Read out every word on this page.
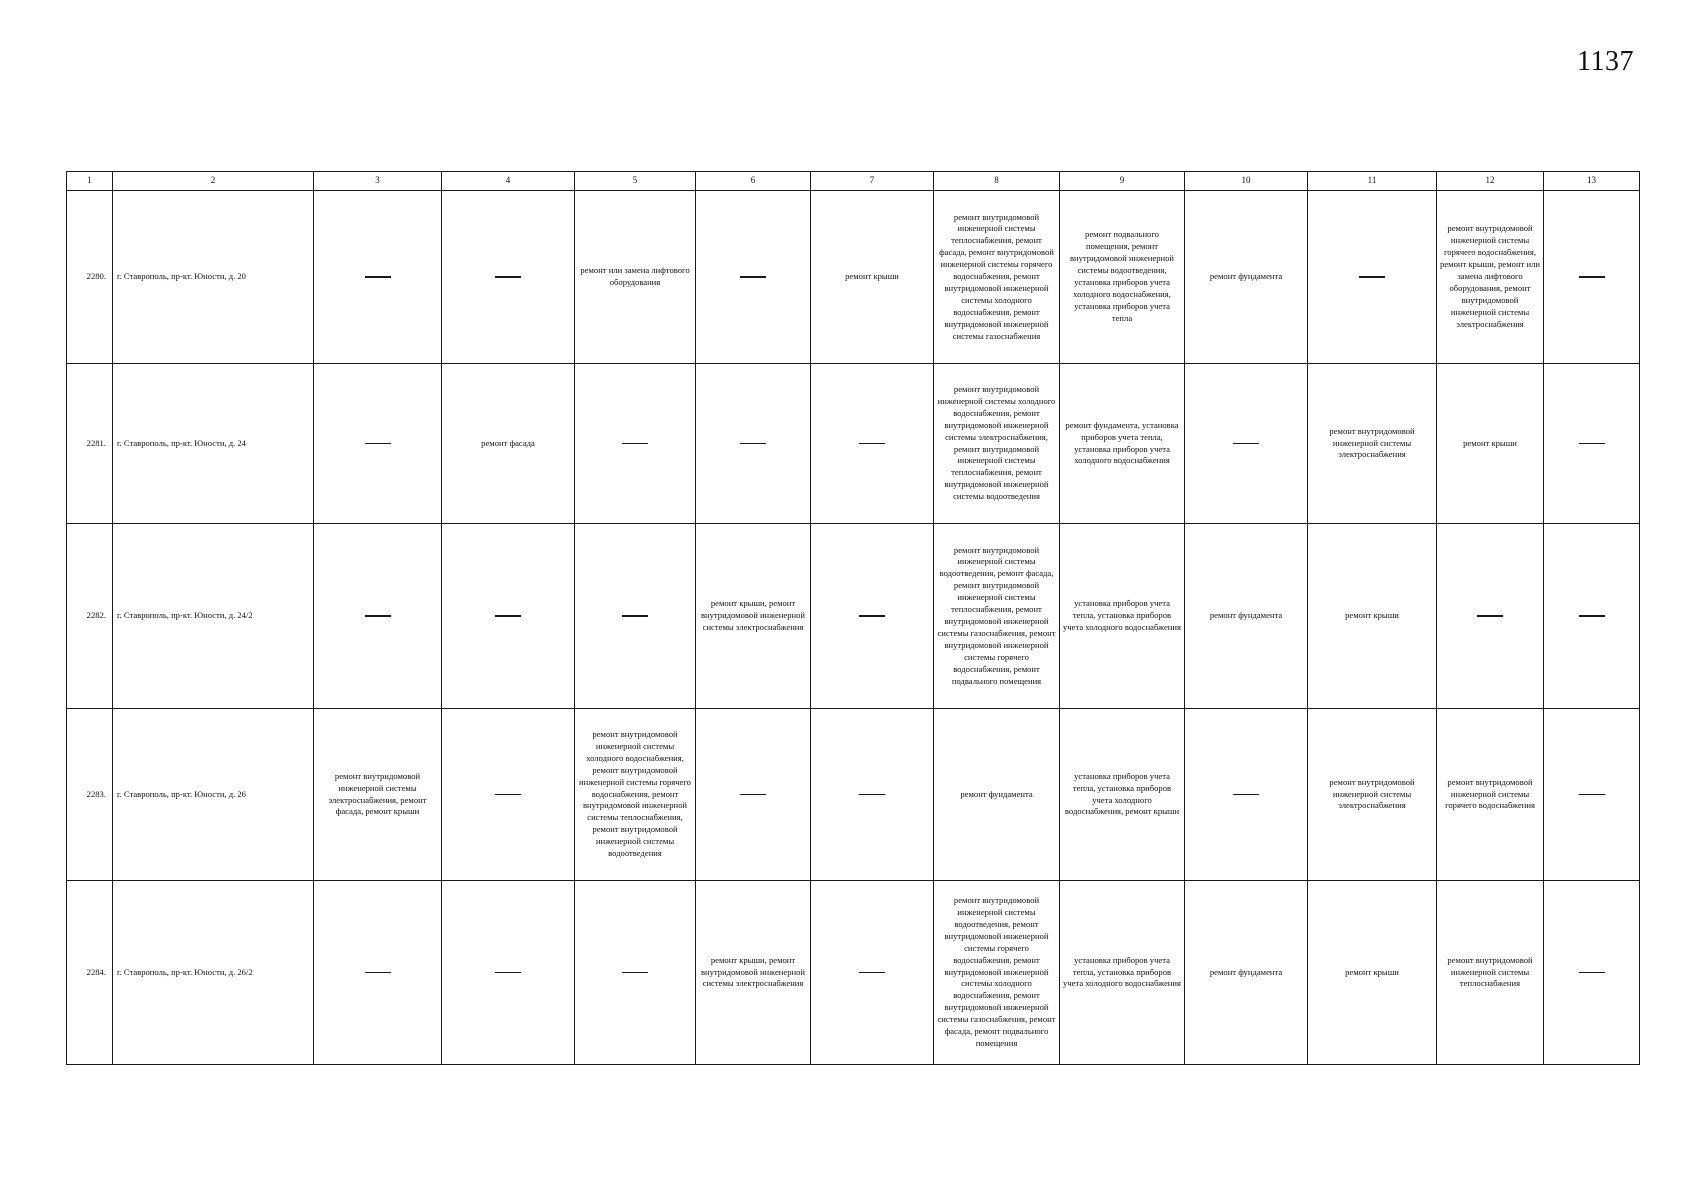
1137
1	2	3	4	5	6	7	8	9	10	11	12	13
2280.	г. Ставрополь, пр-кт. Юности, д. 20			ремонт или замена лифтового оборудования		ремонт крыши	ремонт внутридомовой инженерной системы теплоснабжения, ремонт фасада, ремонт внутридомовой инженерной системы горячего водоснабжения, ремонт внутридомовой инженерной системы холодного водоснабжения, ремонт внутридомовой инженерной системы газоснабжения	ремонт подвального помещения, ремонт внутридомовой инженерной системы водоотведения, установка приборов учета холодного водоснабжения, установка приборов учета тепла	ремонт фундамента		ремонт внутридомовой инженерной системы горячего водоснабжения, ремонт крыши, ремонт или замена лифтового оборудования, ремонт внутридомовой инженерной системы электроснабжения	
2281.	г. Ставрополь, пр-кт. Юности, д. 24		ремонт фасада				ремонт внутридомовой инженерной системы холодного водоснабжения, ремонт внутридомовой инженерной системы электроснабжения, ремонт внутридомовой инженерной системы теплоснабжения, ремонт внутридомовой инженерной системы водоотведения	ремонт фундамента, установка приборов учета тепла, установка приборов учета холодного водоснабжения		ремонт внутридомовой инженерной системы электроснабжения	ремонт крыши	
2282.	г. Ставрополь, пр-кт. Юности, д. 24/2				ремонт крыши, ремонт внутридомовой инженерной системы электроснабжения		ремонт внутридомовой инженерной системы водоотведения, ремонт фасада, ремонт внутридомовой инженерной системы теплоснабжения, ремонт внутридомовой инженерной системы газоснабжения, ремонт внутридомовой инженерной системы горячего водоснабжения, ремонт подвального помещения	установка приборов учета тепла, установка приборов учета холодного водоснабжения	ремонт фундамента	ремонт крыши		
2283.	г. Ставрополь, пр-кт. Юности, д. 26	ремонт внутридомовой инженерной системы электроснабжения, ремонт фасада, ремонт крыши		ремонт внутридомовой инженерной системы холодного водоснабжения, ремонт внутридомовой инженерной системы горячего водоснабжения, ремонт внутридомовой инженерной системы теплоснабжения, ремонт внутридомовой инженерной системы водоотведения			ремонт фундамента	установка приборов учета тепла, установка приборов учета холодного водоснабжения, ремонт крыши		ремонт внутридомовой инженерной системы электроснабжения	ремонт внутридомовой инженерной системы горячего водоснабжения	
2284.	г. Ставрополь, пр-кт. Юности, д. 26/2				ремонт крыши, ремонт внутридомовой инженерной системы электроснабжения		ремонт внутридомовой инженерной системы водоотведения, ремонт внутридомовой инженерной системы горячего водоснабжения, ремонт внутридомовой инженерной системы холодного водоснабжения, ремонт внутридомовой инженерной системы газоснабжения, ремонт фасада, ремонт подвального помещения	установка приборов учета тепла, установка приборов учета холодного водоснабжения	ремонт фундамента	ремонт крыши	ремонт внутридомовой инженерной системы теплоснабжения	
